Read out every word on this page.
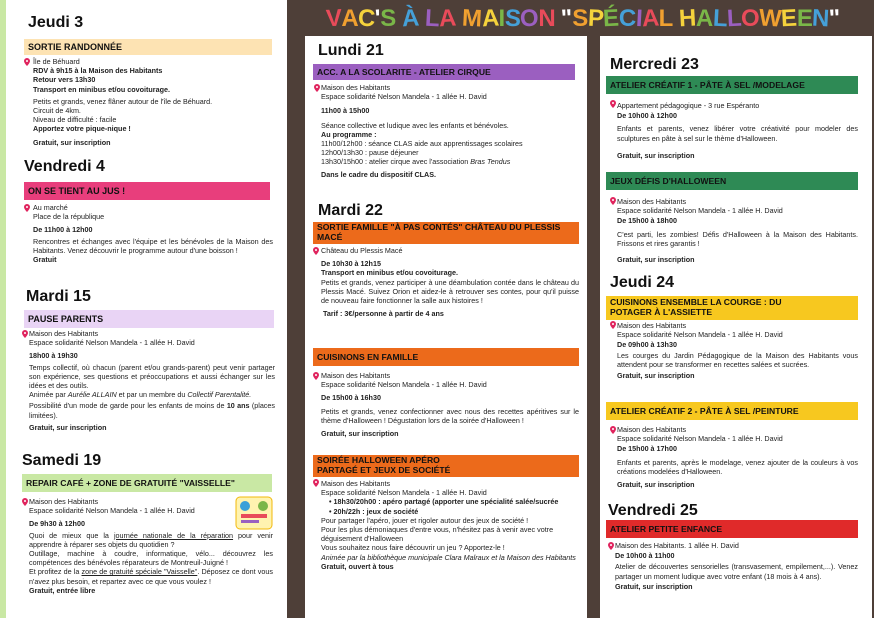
V A C
' S
À
L
A
M
A I S
O N
" S P
É C I
A L
H A L
L O W
E E N
"
Jeudi 3
SORTIE RANDONNÉE

Île de Béhuard

RDV à 9h15 à la Maison des Habitants

Retour vers 13h30

Transport en minibus et/ou covoiturage.

Petits et grands, venez flâner autour de l'île de Béhuard.

Circuit de 4km.

Niveau de difficulté : facile

Apportez votre pique-nique !

Gratuit, sur inscription

Vendredi 4
ON SE TIENT AU JUS !

Au marché

Place de la république

De 11h00 à 12h00

Rencontres et échanges avec l'équipe et les bénévoles de la Maison des Habitants. Venez découvrir le programme autour d'une boisson !

Gratuit

Mardi 15
PAUSE PARENTS

Maison des Habitants

Espace solidarité Nelson Mandela - 1 allée H. David

18h00 à 19h30

Temps collectif, où chacun (parent et/ou grands-parent) peut venir partager son expérience, ses questions et préoccupations et aussi échanger sur les idées et des outils.

Animée par Aurélie ALLAIN et par un membre du Collectif Parentalité.

Possibilité d'un mode de garde pour les enfants de moins de 10 ans (places limitées).

Gratuit, sur inscription

Samedi 19
REPAIR CAFÉ + ZONE DE GRATUITÉ "VAISSELLE"

Maison des Habitants

Espace solidarité Nelson Mandela - 1 allée H. David

De 9h30 à 12h00

Quoi de mieux que la journée nationale de la réparation pour venir apprendre à réparer ses objets du quotidien ?

Outillage, machine à coudre, informatique, vélo... découvrez les compétences des bénévoles réparateurs de Montreuil-Juigné !

Et profitez de la zone de gratuité spéciale "Vaisselle". Déposez ce dont vous n'avez plus besoin, et repartez avec ce que vous voulez !

Gratuit, entrée libre

Lundi 21
ACC. A LA SCOLARITE - ATELIER CIRQUE

Maison des Habitants

Espace solidarité Nelson Mandela - 1 allée H. David

11h00 à 15h00

Séance collective et ludique avec les enfants et bénévoles.

Au programme :

11h00/12h00 : séance CLAS aide aux apprentissages scolaires

12h00/13h30 : pause déjeuner

13h30/15h00 : atelier cirque avec l'association Bras Tendus

Dans le cadre du dispositif CLAS.

Mardi 22
SORTIE FAMILLE "À PAS CONTÉS" CHÂTEAU DU PLESSIS MACÉ

Château du Plessis Macé

De 10h30 à 12h15

Transport en minibus et/ou covoiturage.

Petits et grands, venez participer à une déambulation contée dans le château du Plessis Macé. Suivez Orion et aidez-le à retrouver ses contes, pour qu'il puisse de nouveau faire fonctionner la salle aux histoires !

Tarif : 3€/personne à partir de 4 ans

CUISINONS EN FAMILLE

Maison des Habitants

Espace solidarité Nelson Mandela - 1 allée H. David

De 15h00 à 16h30

Petits et grands, venez confectionner avec nous des recettes apéritives sur le thème d'Halloween ! Dégustation lors de la soirée d'Halloween !

Gratuit, sur inscription

SOIRÉE HALLOWEEN APÉRO PARTAGÉ ET JEUX DE SOCIÉTÉ

Maison des Habitants

Espace solidarité Nelson Mandela - 1 allée H. David

• 18h30/20h00 : apéro partagé (apporter une spécialité salée/sucrée

• 20h/22h : jeux de société

Pour partager l'apéro, jouer et rigoler autour des jeux de société !

Pour les plus démoniaques d'entre vous, n'hésitez pas à venir avec votre déguisement d'Halloween

Vous souhaitez nous faire découvrir un jeu ? Apportez-le !

Animée par la bibliothèque municipale Clara Malraux et la Maison des Habitants

Gratuit, ouvert à tous

Mercredi 23
ATELIER CRÉATIF 1 - PÂTE À SEL /MODELAGE

Appartement pédagogique - 3 rue Espéranto

De 10h00 à 12h00

Enfants et parents, venez libérer votre créativité pour modeler des sculptures en pâte à sel sur le thème d'Halloween.

Gratuit, sur inscription

JEUX DÉFIS D'HALLOWEEN

Maison des Habitants

Espace solidarité Nelson Mandela - 1 allée H. David

De 15h00 à 18h00

C'est parti, les zombies! Défis d'Halloween à la Maison des Habitants. Frissons et rires garantis !

Gratuit, sur inscription

Jeudi 24
CUISINONS ENSEMBLE LA COURGE : DU POTAGER À L'ASSIETTE

Maison des Habitants

Espace solidarité Nelson Mandela - 1 allée H. David

De 09h00 à 13h30

Les courges du Jardin Pédagogique de la Maison des Habitants vous attendent pour se transformer en recettes salées et sucrées.

Gratuit, sur inscription

ATELIER CRÉATIF 2 - PÂTE À SEL /PEINTURE

Maison des Habitants

Espace solidarité Nelson Mandela - 1 allée H. David

De 15h00 à 17h00

Enfants et parents, après le modelage, venez ajouter de la couleurs à vos créations modelées d'Halloween.

Gratuit, sur inscription

Vendredi 25
ATELIER PETITE ENFANCE

Maison des Habitants. 1 allée H. David

De 10h00 à 11h00

Atelier de découvertes sensorielles (transvasement, empilement,...). Venez partager un moment ludique avec votre enfant (18 mois à 4 ans).

Gratuit, sur inscription
